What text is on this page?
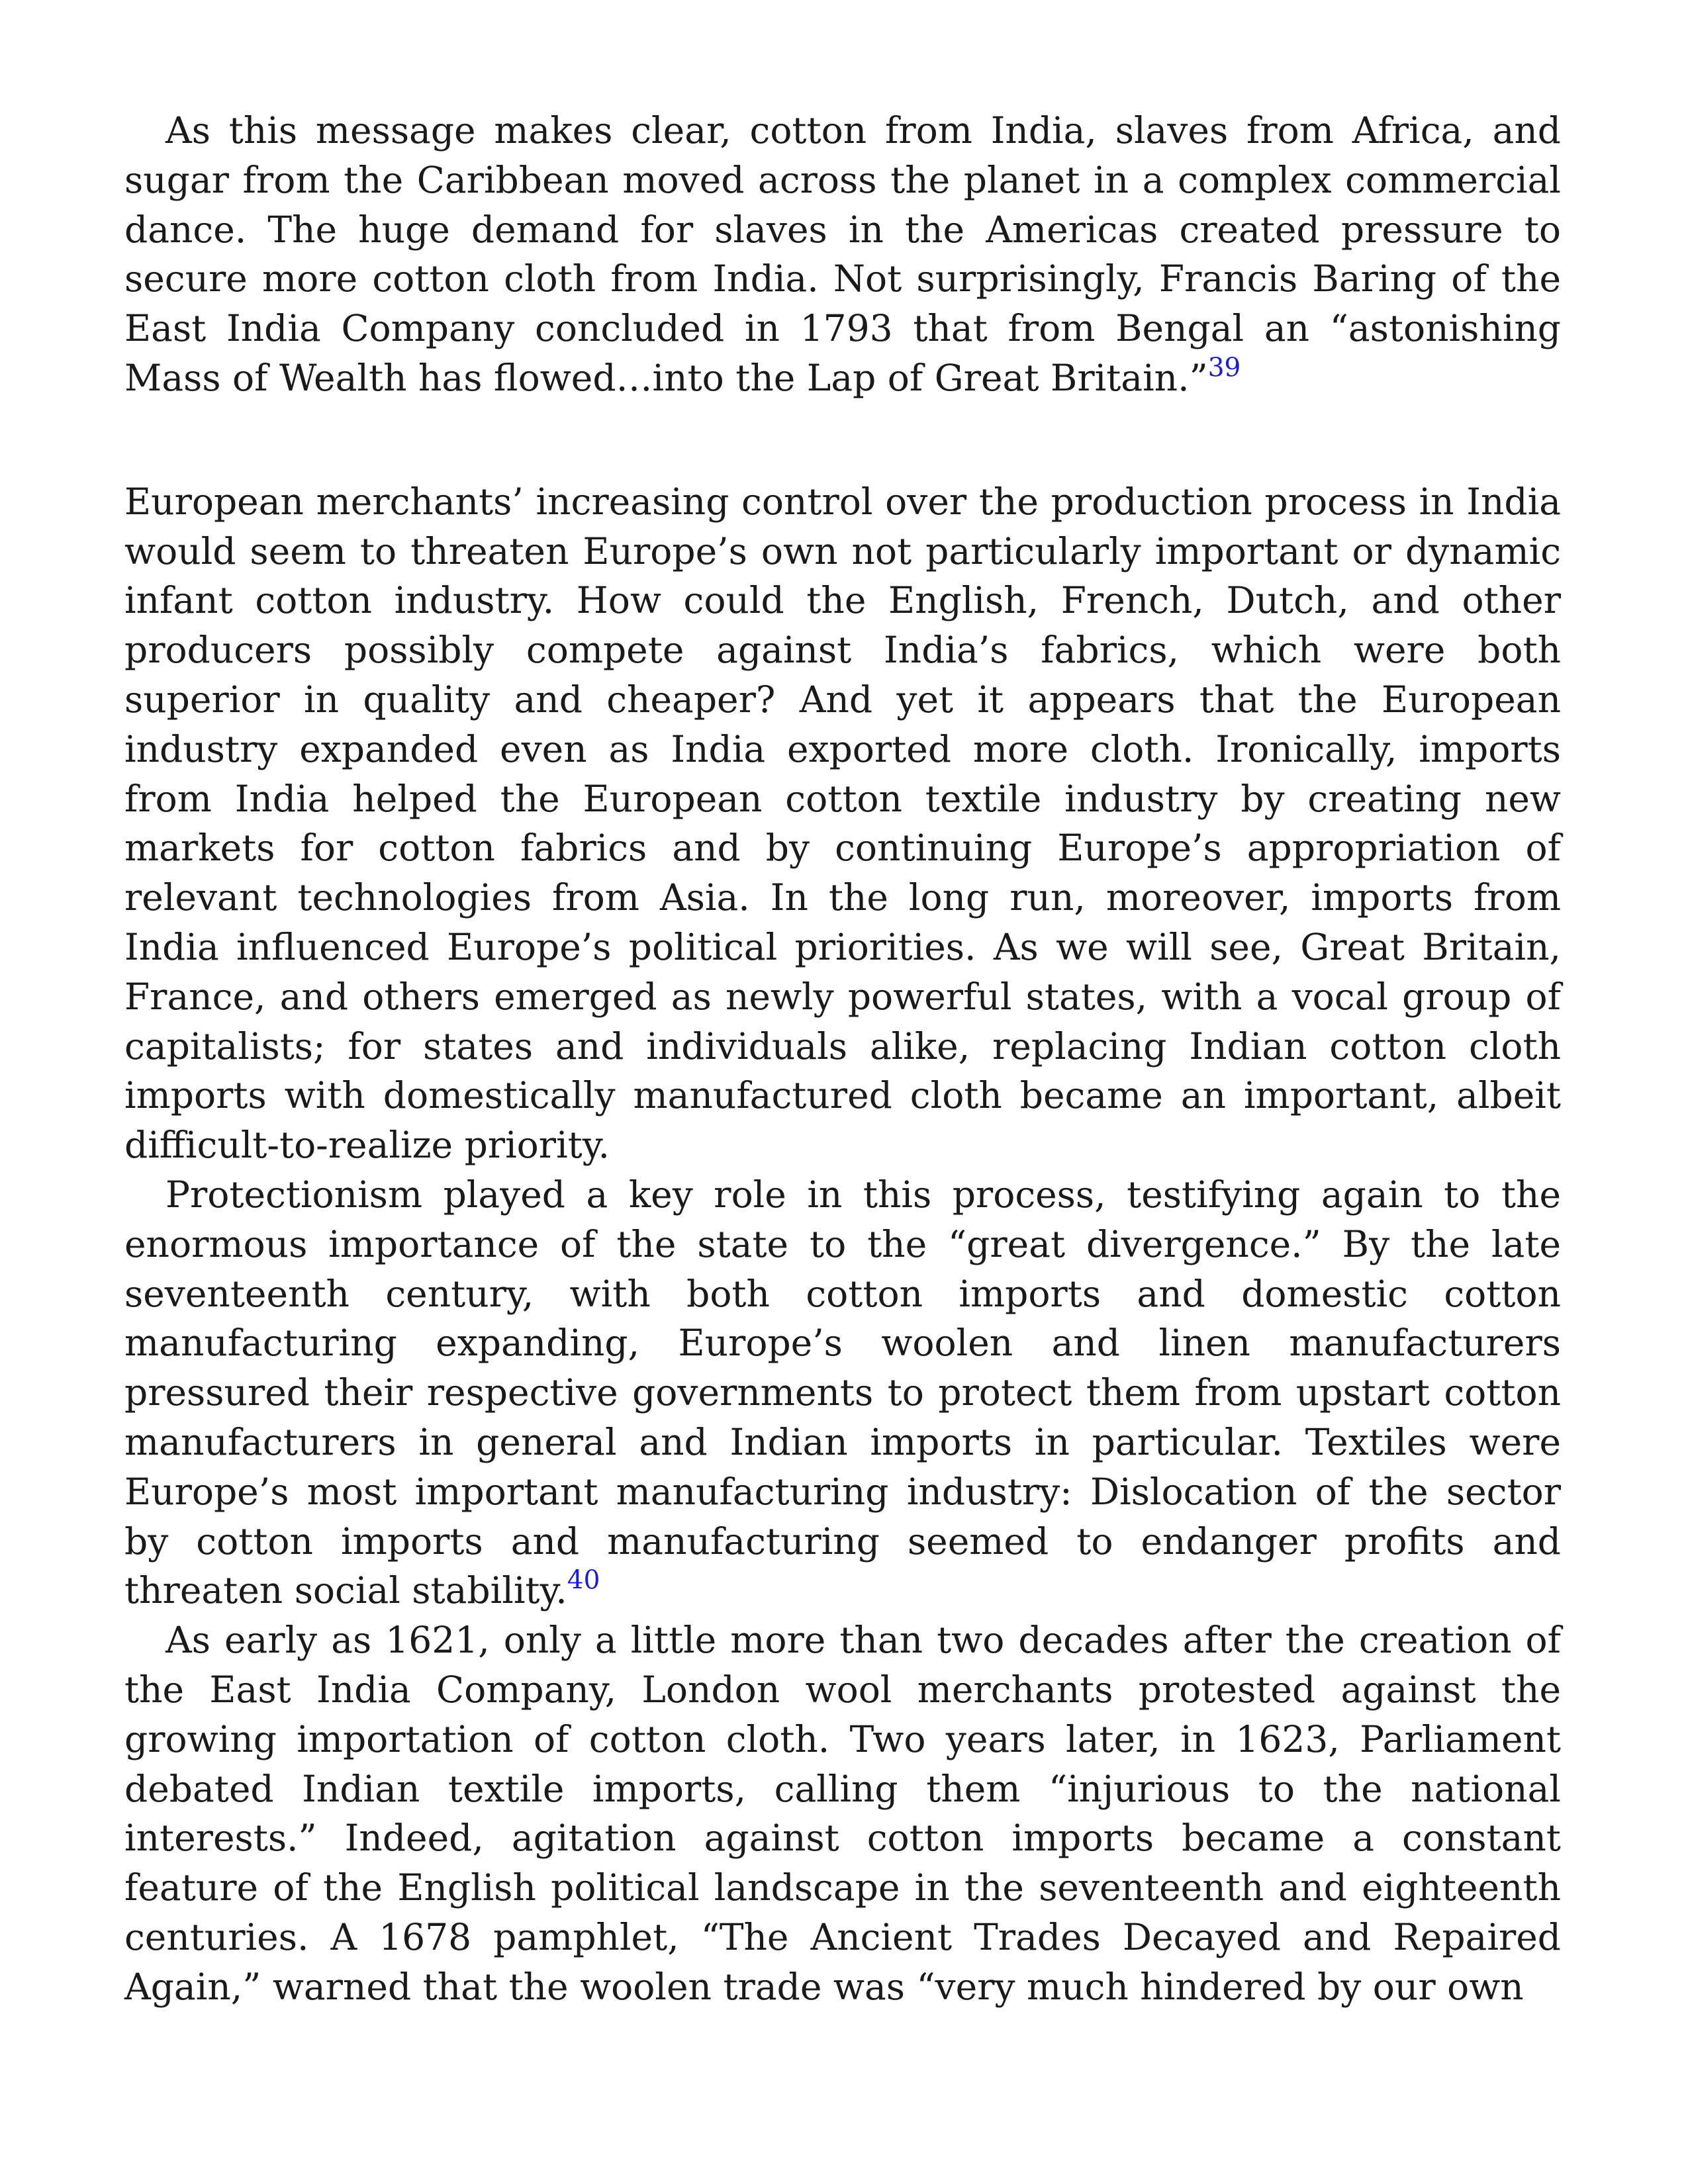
As this message makes clear, cotton from India, slaves from Africa, and sugar from the Caribbean moved across the planet in a complex commercial dance. The huge demand for slaves in the Americas created pressure to secure more cotton cloth from India. Not surprisingly, Francis Baring of the East India Company concluded in 1793 that from Bengal an “astonishing Mass of Wealth has flowed…into the Lap of Great Britain.”$^{39}$

European merchants’ increasing control over the production process in India would seem to threaten Europe’s own not particularly important or dynamic infant cotton industry. How could the English, French, Dutch, and other producers possibly compete against India’s fabrics, which were both superior in quality and cheaper? And yet it appears that the European industry expanded even as India exported more cloth. Ironically, imports from India helped the European cotton textile industry by creating new markets for cotton fabrics and by continuing Europe’s appropriation of relevant technologies from Asia. In the long run, moreover, imports from India influenced Europe’s political priorities. As we will see, Great Britain, France, and others emerged as newly powerful states, with a vocal group of capitalists; for states and individuals alike, replacing Indian cotton cloth imports with domestically manufactured cloth became an important, albeit difficult-to-realize priority.

Protectionism played a key role in this process, testifying again to the enormous importance of the state to the “great divergence.” By the late seventeenth century, with both cotton imports and domestic cotton manufacturing expanding, Europe’s woolen and linen manufacturers pressured their respective governments to protect them from upstart cotton manufacturers in general and Indian imports in particular. Textiles were Europe’s most important manufacturing industry: Dislocation of the sector by cotton imports and manufacturing seemed to endanger profits and threaten social stability.$^{40}$

As early as 1621, only a little more than two decades after the creation of the East India Company, London wool merchants protested against the growing importation of cotton cloth. Two years later, in 1623, Parliament debated Indian textile imports, calling them “injurious to the national interests.” Indeed, agitation against cotton imports became a constant feature of the English political landscape in the seventeenth and eighteenth centuries. A 1678 pamphlet, “The Ancient Trades Decayed and Repaired Again,” warned that the woolen trade was “very much hindered by our own
